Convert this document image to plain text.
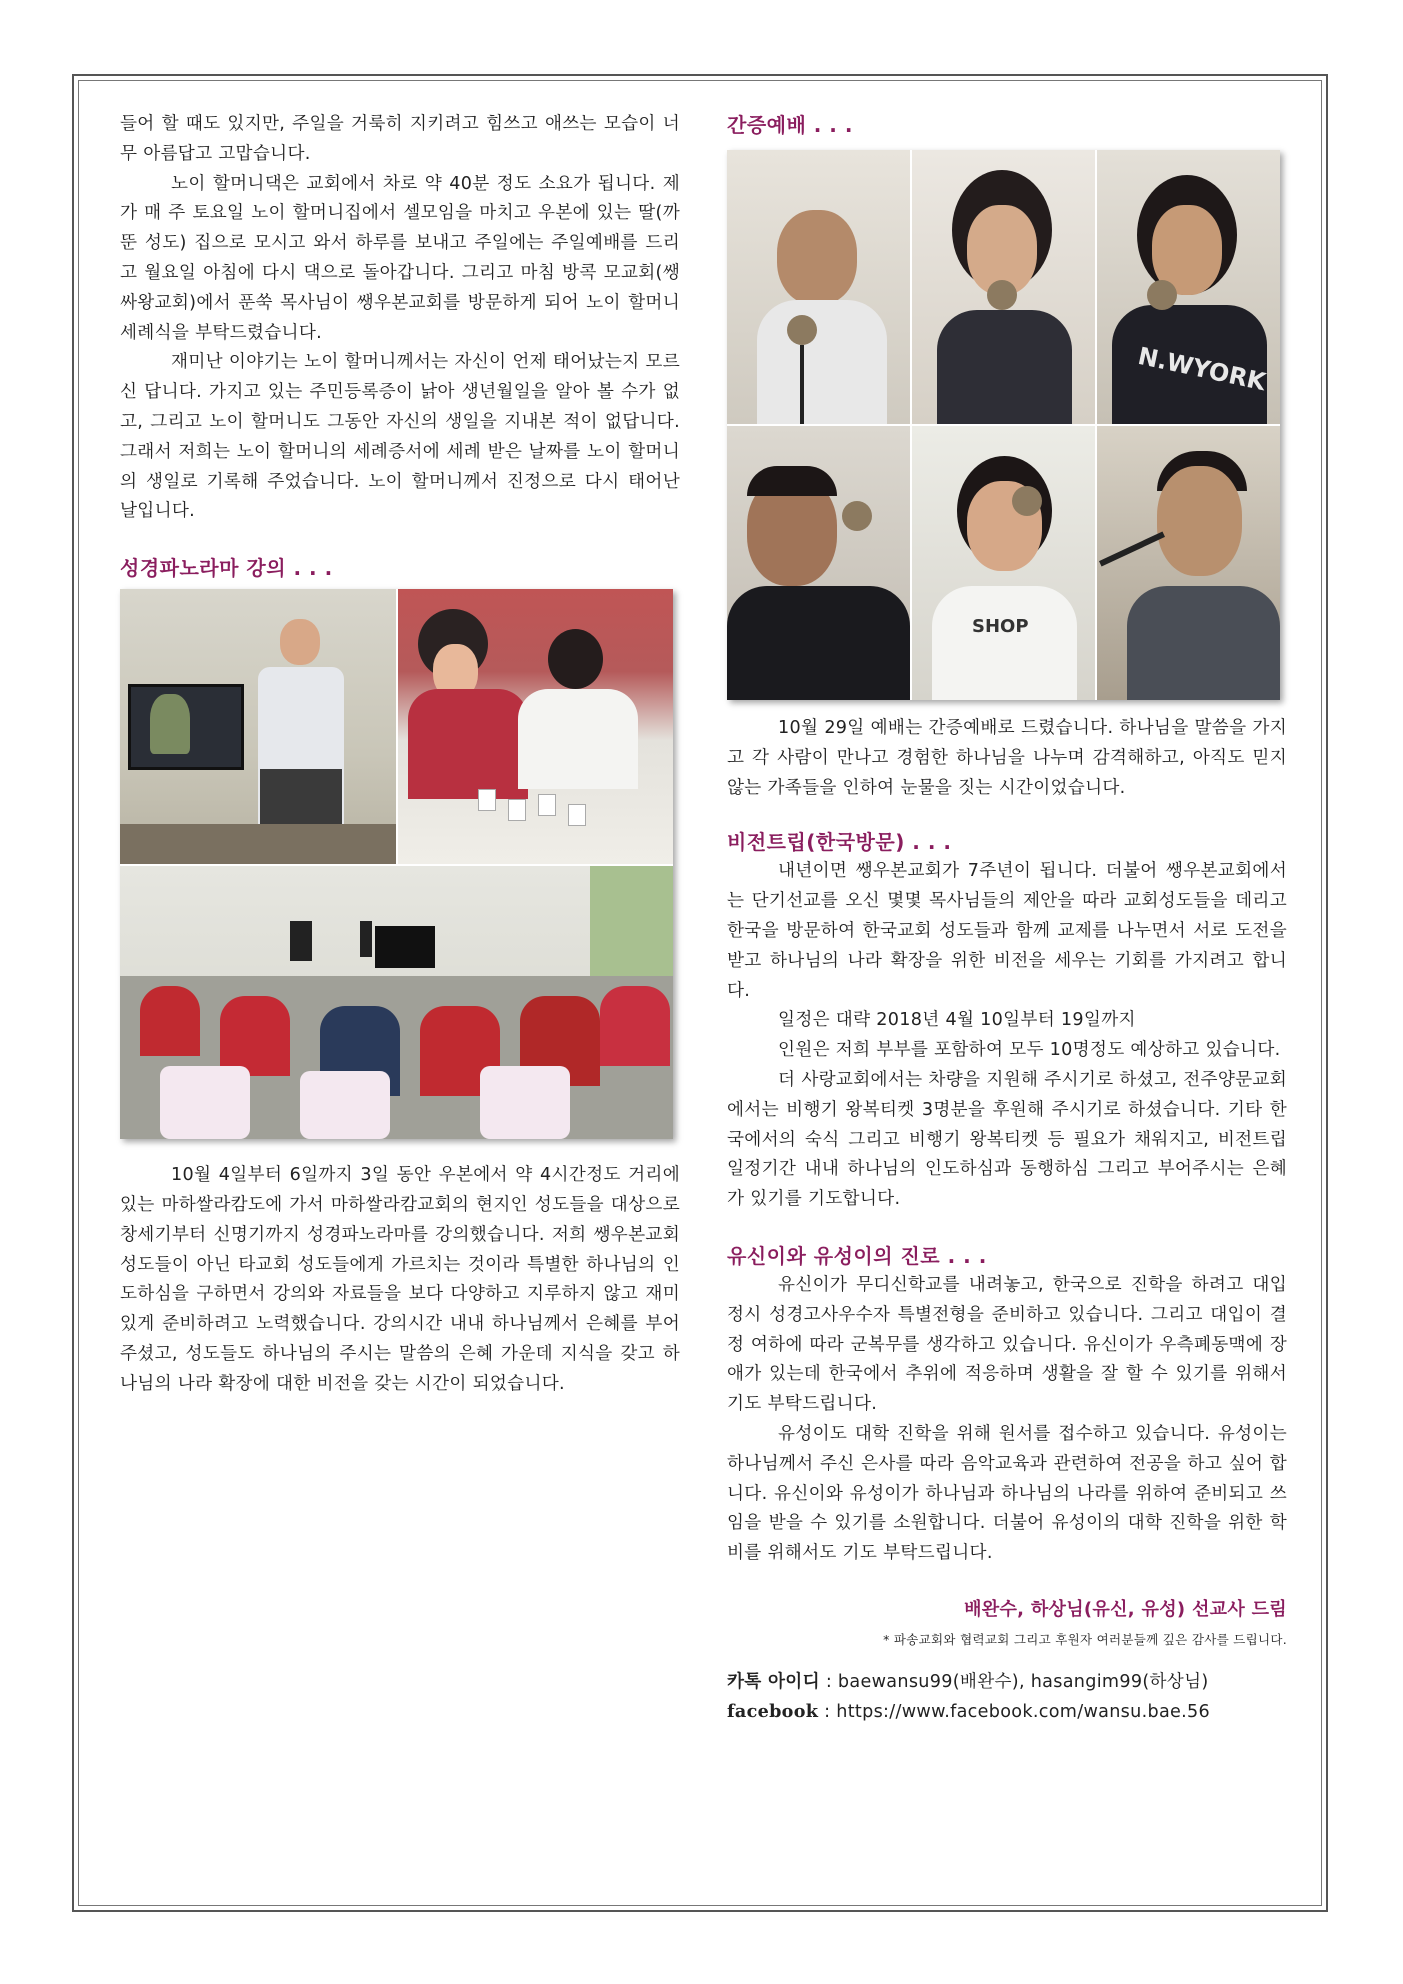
들어 할 때도 있지만, 주일을 거룩히 지키려고 힘쓰고 애쓰는 모습이 너무 아름답고 고맙습니다.

노이 할머니댁은 교회에서 차로 약 40분 정도 소요가 됩니다. 제가 매 주 토요일 노이 할머니집에서 셀모임을 마치고 우본에 있는 딸(까뚠 성도) 집으로 모시고 와서 하루를 보내고 주일에는 주일예배를 드리고 월요일 아침에 다시 댁으로 돌아갑니다. 그리고 마침 방콕 모교회(쌩싸왕교회)에서 푼쑥 목사님이 쌩우본교회를 방문하게 되어 노이 할머니 세례식을 부탁드렸습니다.

재미난 이야기는 노이 할머니께서는 자신이 언제 태어났는지 모르신 답니다. 가지고 있는 주민등록증이 낡아 생년월일을 알아 볼 수가 없고, 그리고 노이 할머니도 그동안 자신의 생일을 지내본 적이 없답니다. 그래서 저희는 노이 할머니의 세례증서에 세례 받은 날짜를 노이 할머니의 생일로 기록해 주었습니다. 노이 할머니께서 진정으로 다시 태어난 날입니다.

성경파노라마 강의 . . .

10월 4일부터 6일까지 3일 동안 우본에서 약 4시간정도 거리에 있는 마하쌀라캄도에 가서 마하쌀라캄교회의 현지인 성도들을 대상으로 창세기부터 신명기까지 성경파노라마를 강의했습니다. 저희 쌩우본교회 성도들이 아닌 타교회 성도들에게 가르치는 것이라 특별한 하나님의 인도하심을 구하면서 강의와 자료들을 보다 다양하고 지루하지 않고 재미있게 준비하려고 노력했습니다. 강의시간 내내 하나님께서 은혜를 부어 주셨고, 성도들도 하나님의 주시는 말씀의 은혜 가운데 지식을 갖고 하나님의 나라 확장에 대한 비전을 갖는 시간이 되었습니다.

간증예배 . . .
N.WYORK
SHOP

10월 29일 예배는 간증예배로 드렸습니다. 하나님을 말씀을 가지고 각 사람이 만나고 경험한 하나님을 나누며 감격해하고, 아직도 믿지 않는 가족들을 인하여 눈물을 짓는 시간이었습니다.

비전트립(한국방문) . . .

내년이면 쌩우본교회가 7주년이 됩니다. 더불어 쌩우본교회에서는 단기선교를 오신 몇몇 목사님들의 제안을 따라 교회성도들을 데리고 한국을 방문하여 한국교회 성도들과 함께 교제를 나누면서 서로 도전을 받고 하나님의 나라 확장을 위한 비전을 세우는 기회를 가지려고 합니다.

일정은 대략 2018년 4월 10일부터 19일까지

인원은 저희 부부를 포함하여 모두 10명정도 예상하고 있습니다.

더 사랑교회에서는 차량을 지원해 주시기로 하셨고, 전주양문교회에서는 비행기 왕복티켓 3명분을 후원해 주시기로 하셨습니다. 기타 한국에서의 숙식 그리고 비행기 왕복티켓 등 필요가 채워지고, 비전트립 일정기간 내내 하나님의 인도하심과 동행하심 그리고 부어주시는 은혜가 있기를 기도합니다.

유신이와 유성이의 진로 . . .

유신이가 무디신학교를 내려놓고, 한국으로 진학을 하려고 대입 정시 성경고사우수자 특별전형을 준비하고 있습니다. 그리고 대입이 결정 여하에 따라 군복무를 생각하고 있습니다. 유신이가 우측폐동맥에 장애가 있는데 한국에서 추위에 적응하며 생활을 잘 할 수 있기를 위해서 기도 부탁드립니다.

유성이도 대학 진학을 위해 원서를 접수하고 있습니다. 유성이는 하나님께서 주신 은사를 따라 음악교육과 관련하여 전공을 하고 싶어 합니다. 유신이와 유성이가 하나님과 하나님의 나라를 위하여 준비되고 쓰임을 받을 수 있기를 소원합니다. 더불어 유성이의 대학 진학을 위한 학비를 위해서도 기도 부탁드립니다.

배완수, 하상님(유신, 유성) 선교사 드림

* 파송교회와 협력교회 그리고 후원자 여러분들께 깊은 감사를 드립니다.

카톡 아이디 : baewansu99(배완수), hasangim99(하상님)

facebook : https://www.facebook.com/wansu.bae.56
